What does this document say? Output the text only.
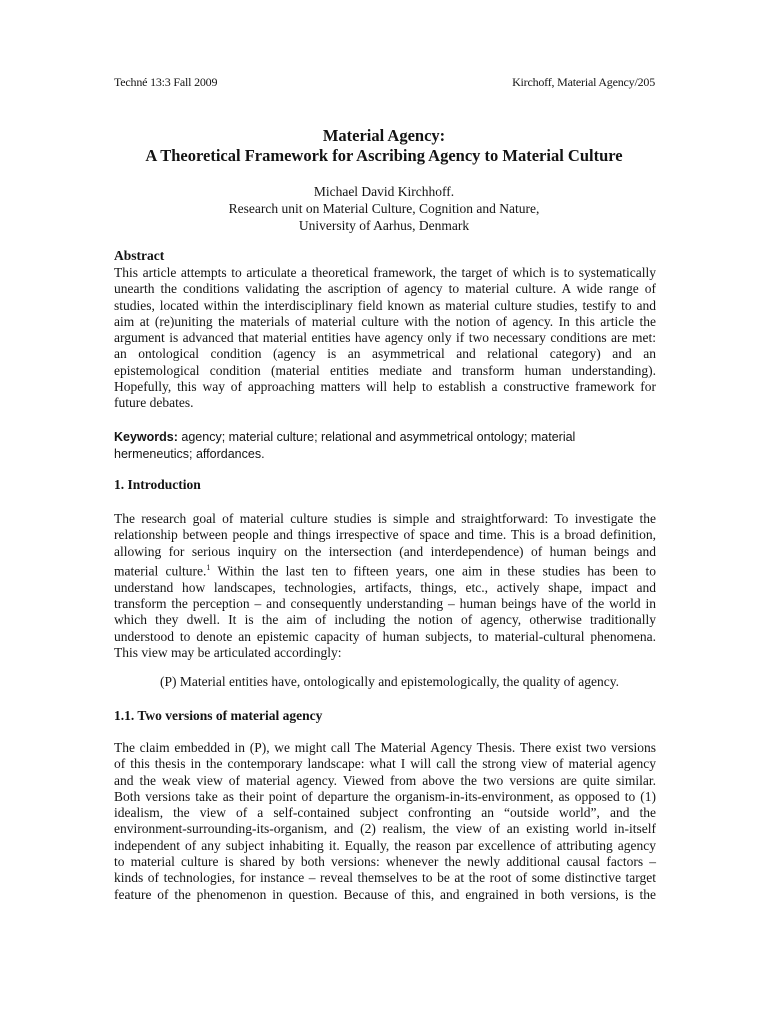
Techné 13:3 Fall 2009	Kirchoff, Material Agency/205

Material Agency:

A Theoretical Framework for Ascribing Agency to Material Culture

Michael David Kirchhoff.
Research unit on Material Culture, Cognition and Nature,
University of Aarhus, Denmark

Abstract

This article attempts to articulate a theoretical framework, the target of which is to systematically
unearth the conditions validating the ascription of agency to material culture. A wide range of
studies, located within the interdisciplinary field known as material culture studies, testify to and
aim at (re)uniting the materials of material culture with the notion of agency. In this article the
argument is advanced that material entities have agency only if two necessary conditions are met:
an ontological condition (agency is an asymmetrical and relational category) and an
epistemological condition (material entities mediate and transform human understanding).
Hopefully, this way of approaching matters will help to establish a constructive framework for
future debates.
Keywords: agency; material culture; relational and asymmetrical ontology; material
hermeneutics; affordances.

1. Introduction

The research goal of material culture studies is simple and straightforward: To investigate the
relationship between people and things irrespective of space and time. This is a broad definition,
allowing for serious inquiry on the intersection (and interdependence) of human beings and
material culture.$^1$ Within the last ten to fifteen years, one aim in these studies has been to
understand how landscapes, technologies, artifacts, things, etc., actively shape, impact and
transform the perception – and consequently understanding – human beings have of the world in
which they dwell. It is the aim of including the notion of agency, otherwise traditionally
understood to denote an epistemic capacity of human subjects, to material-cultural phenomena.
This view may be articulated accordingly:

(P) Material entities have, ontologically and epistemologically, the quality of agency.

1.1. Two versions of material agency

The claim embedded in (P), we might call The Material Agency Thesis. There exist two versions
of this thesis in the contemporary landscape: what I will call the strong view of material agency
and the weak view of material agency. Viewed from above the two versions are quite similar.
Both versions take as their point of departure the organism-in-its-environment, as opposed to (1)
idealism, the view of a self-contained subject confronting an “outside world”, and the
environment-surrounding-its-organism, and (2) realism, the view of an existing world in-itself
independent of any subject inhabiting it. Equally, the reason par excellence of attributing agency
to material culture is shared by both versions: whenever the newly additional causal factors –
kinds of technologies, for instance – reveal themselves to be at the root of some distinctive target
feature of the phenomenon in question. Because of this, and engrained in both versions, is the
